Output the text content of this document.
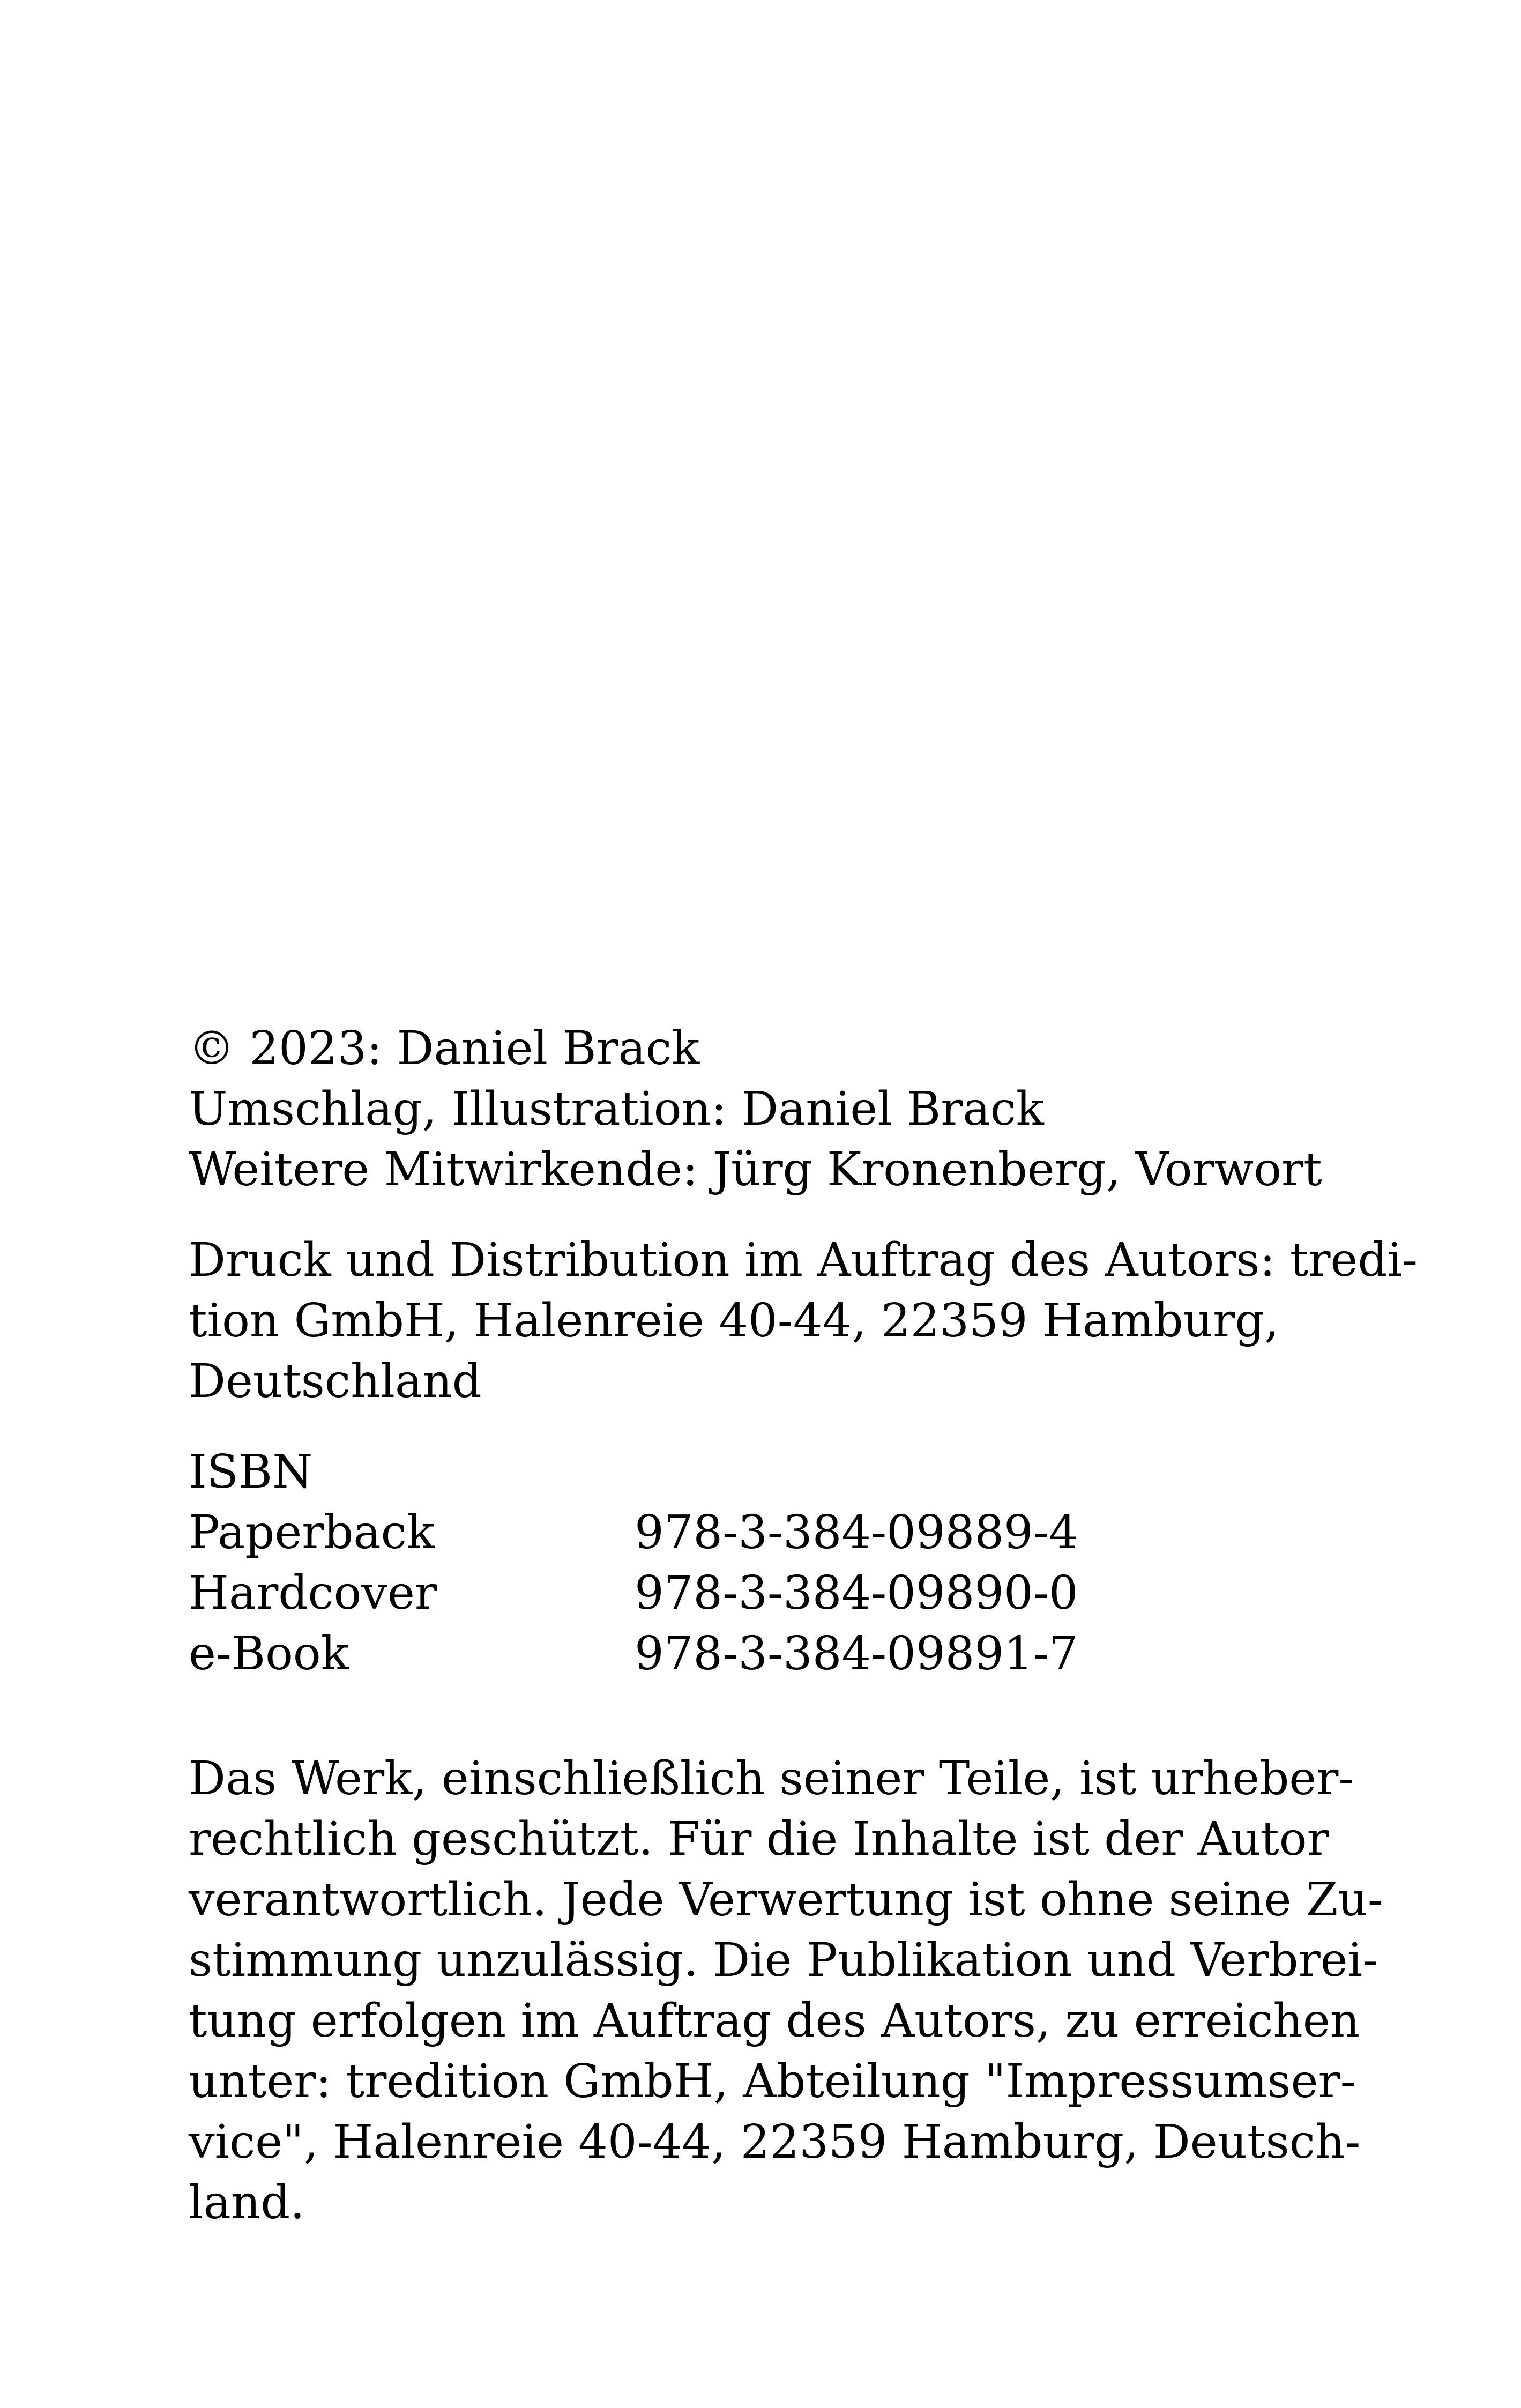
© 2023: Daniel Brack
Umschlag, Illustration: Daniel Brack
Weitere Mitwirkende: Jürg Kronenberg, Vorwort
Druck und Distribution im Auftrag des Autors: tredi-
tion GmbH, Halenreie 40-44, 22359 Hamburg,
Deutschland
ISBN
Paperback	978-3-384-09889-4
Hardcover	978-3-384-09890-0
e-Book	978-3-384-09891-7
Das Werk, einschließlich seiner Teile, ist urheber-
rechtlich geschützt. Für die Inhalte ist der Autor
verantwortlich. Jede Verwertung ist ohne seine Zu-
stimmung unzulässig. Die Publikation und Verbrei-
tung erfolgen im Auftrag des Autors, zu erreichen
unter: tredition GmbH, Abteilung "Impressumser-
vice", Halenreie 40-44, 22359 Hamburg, Deutsch-
land.
